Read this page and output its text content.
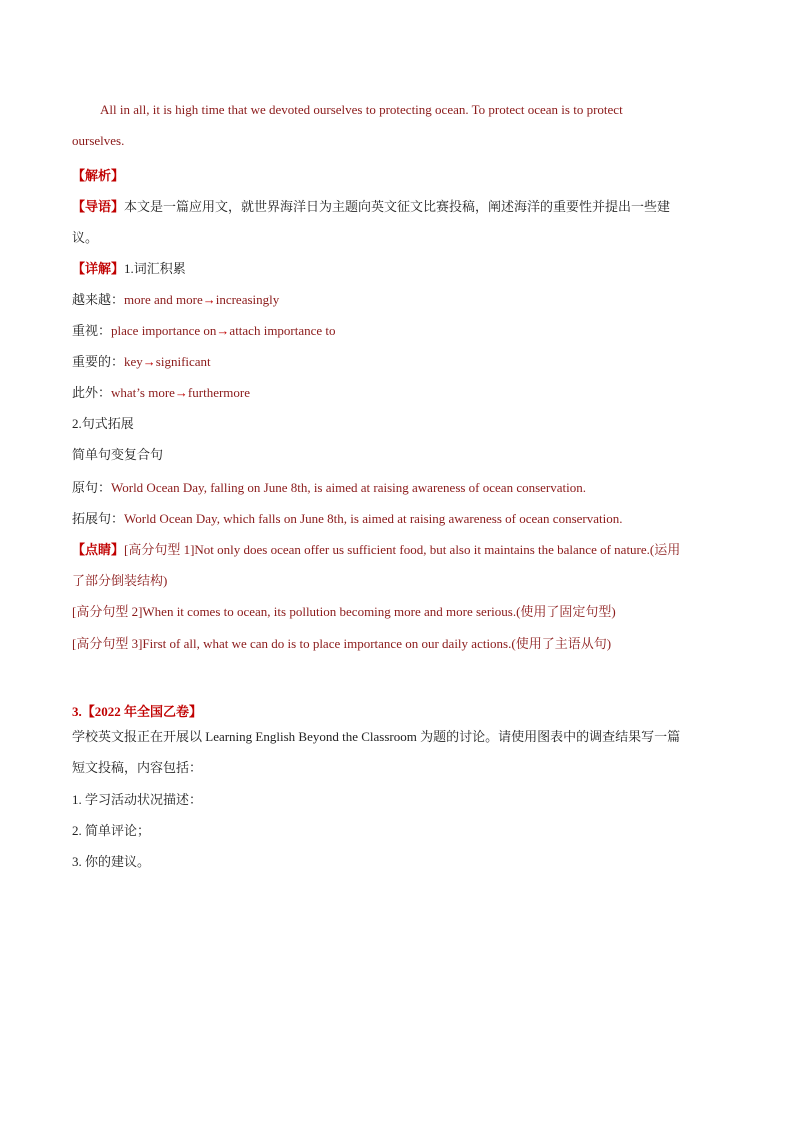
All in all, it is high time that we devoted ourselves to protecting ocean. To protect ocean is to protect
ourselves.
【解析】
【导语】本文是一篇应用文，就世界海洋日为主题向英文征文比赛投稿，阐述海洋的重要性并提出一些建
议。
【详解】1.词汇积累
越来越：more and more→increasingly
重视：place importance on→attach importance to
重要的：key→significant
此外：what’s more→furthermore
2.句式拓展
简单句变复合句
原句：World Ocean Day, falling on June 8th, is aimed at raising awareness of ocean conservation.
拓展句：World Ocean Day, which falls on June 8th, is aimed at raising awareness of ocean conservation.
【点睛】[高分句型 1]Not only does ocean offer us sufficient food, but also it maintains the balance of nature.(运用
了部分倒装结构)
[高分句型 2]When it comes to ocean, its pollution becoming more and more serious.(使用了固定句型)
[高分句型 3]First of all, what we can do is to place importance on our daily actions.(使用了主语从句)
3.【2022 年全国乙卷】
学校英文报正在开展以 Learning English Beyond the Classroom 为题的讨论。请使用图表中的调查结果写一篇
短文投稿，内容包括：
1. 学习活动状况描述：
2. 简单评论；
3. 你的建议。
